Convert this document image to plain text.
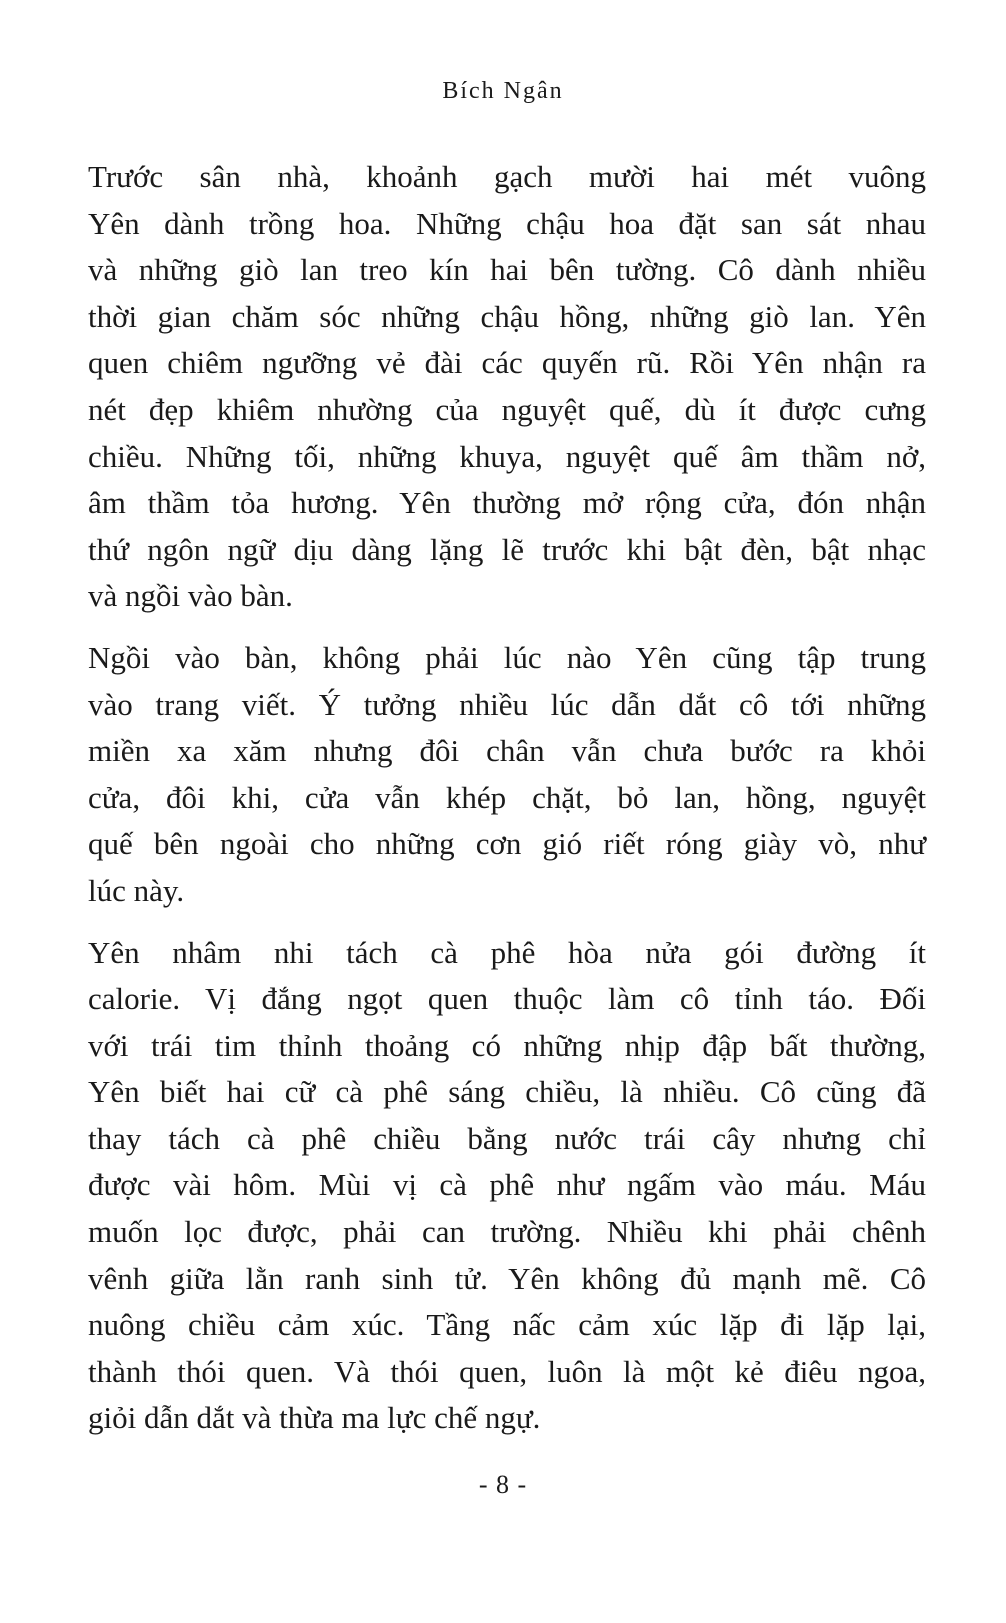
Bích Ngân
Trước sân nhà, khoảnh gạch mười hai mét vuông
Yên dành trồng hoa. Những chậu hoa đặt san sát nhau
và những giò lan treo kín hai bên tường. Cô dành nhiều
thời gian chăm sóc những chậu hồng, những giò lan. Yên
quen chiêm ngưỡng vẻ đài các quyến rũ. Rồi Yên nhận ra
nét đẹp khiêm nhường của nguyệt quế, dù ít được cưng
chiều. Những tối, những khuya, nguyệt quế âm thầm nở,
âm thầm tỏa hương. Yên thường mở rộng cửa, đón nhận
thứ ngôn ngữ dịu dàng lặng lẽ trước khi bật đèn, bật nhạc
và ngồi vào bàn.
Ngồi vào bàn, không phải lúc nào Yên cũng tập trung
vào trang viết. Ý tưởng nhiều lúc dẫn dắt cô tới những
miền xa xăm nhưng đôi chân vẫn chưa bước ra khỏi
cửa, đôi khi, cửa vẫn khép chặt, bỏ lan, hồng, nguyệt
quế bên ngoài cho những cơn gió riết róng giày vò, như
lúc này.
Yên nhâm nhi tách cà phê hòa nửa gói đường ít
calorie. Vị đắng ngọt quen thuộc làm cô tỉnh táo. Đối
với trái tim thỉnh thoảng có những nhịp đập bất thường,
Yên biết hai cữ cà phê sáng chiều, là nhiều. Cô cũng đã
thay tách cà phê chiều bằng nước trái cây nhưng chỉ
được vài hôm. Mùi vị cà phê như ngấm vào máu. Máu
muốn lọc được, phải can trường. Nhiều khi phải chênh
vênh giữa lằn ranh sinh tử. Yên không đủ mạnh mẽ. Cô
nuông chiều cảm xúc. Tầng nấc cảm xúc lặp đi lặp lại,
thành thói quen. Và thói quen, luôn là một kẻ điêu ngoa,
giỏi dẫn dắt và thừa ma lực chế ngự.
- 8 -
